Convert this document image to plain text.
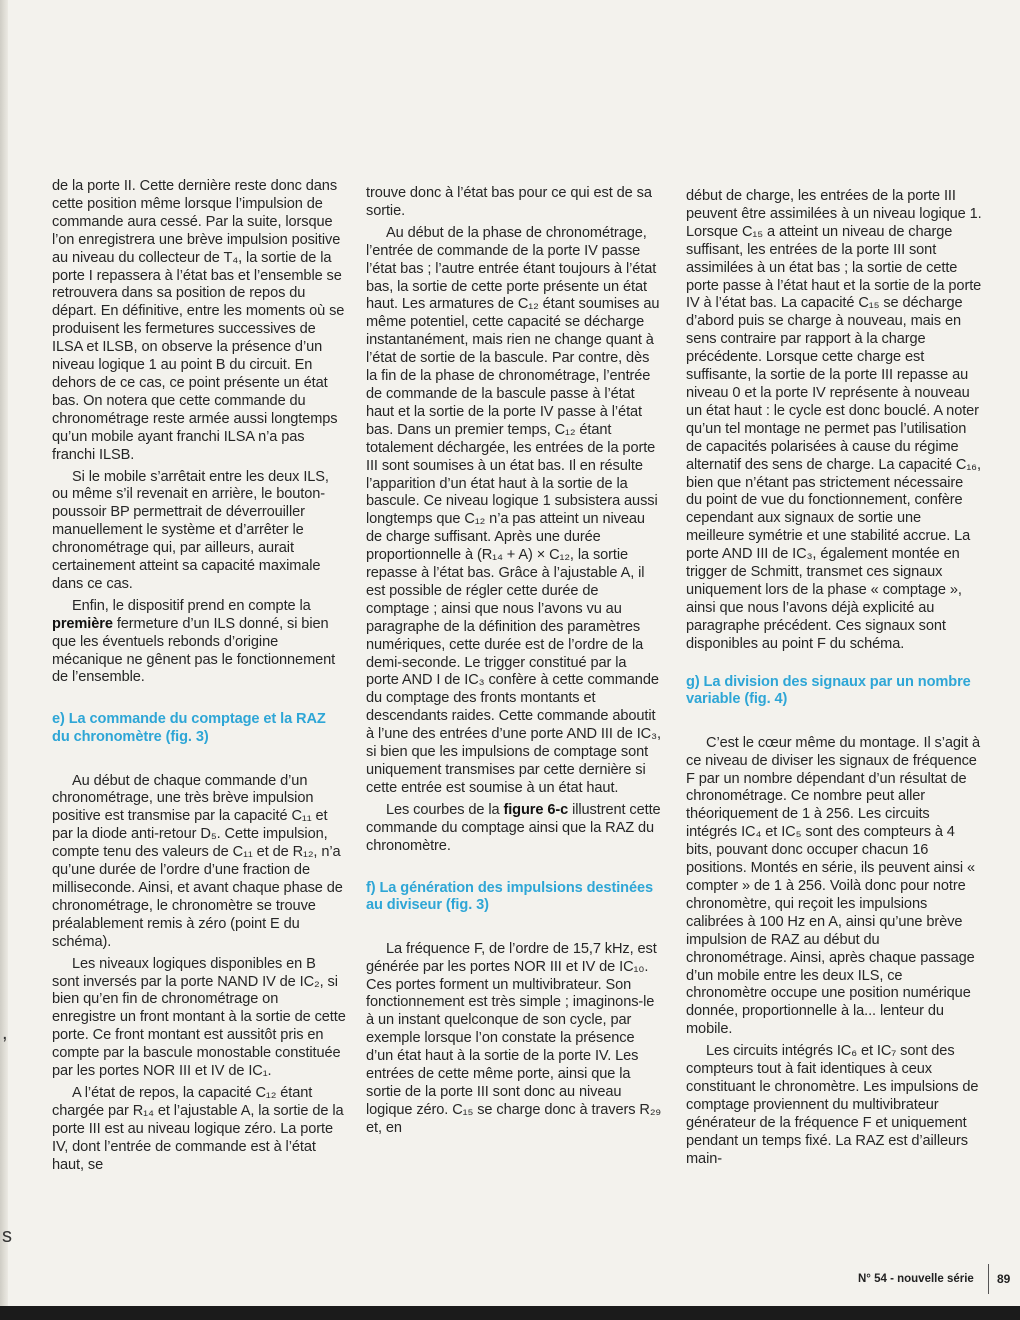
,
s

de la porte II. Cette dernière reste donc dans cette position même lorsque l’impulsion de commande aura cessé. Par la suite, lorsque l’on enregistrera une brève impulsion positive au niveau du collecteur de T₄, la sortie de la porte I repassera à l’état bas et l’ensemble se retrouvera dans sa position de repos du départ. En définitive, entre les moments où se produisent les fermetures successives de ILSA et ILSB, on observe la présence d’un niveau logique 1 au point B du circuit. En dehors de ce cas, ce point présente un état bas. On notera que cette commande du chronométrage reste armée aussi longtemps qu’un mobile ayant franchi ILSA n’a pas franchi ILSB.

Si le mobile s’arrêtait entre les deux ILS, ou même s’il revenait en arrière, le bouton-poussoir BP permettrait de déverrouiller manuellement le système et d’arrêter le chronométrage qui, par ailleurs, aurait certainement atteint sa capacité maximale dans ce cas.

Enfin, le dispositif prend en compte la première fermeture d’un ILS donné, si bien que les éventuels rebonds d’origine mécanique ne gênent pas le fonctionnement de l’ensemble.

e) La commande du comptage et la RAZ du chronomètre (fig. 3)

Au début de chaque commande d’un chronométrage, une très brève impulsion positive est transmise par la capacité C₁₁ et par la diode anti-retour D₅. Cette impulsion, compte tenu des valeurs de C₁₁ et de R₁₂, n’a qu’une durée de l’ordre d’une fraction de milliseconde. Ainsi, et avant chaque phase de chronométrage, le chronomètre se trouve préalablement remis à zéro (point E du schéma).

Les niveaux logiques disponibles en B sont inversés par la porte NAND IV de IC₂, si bien qu’en fin de chronométrage on enregistre un front montant à la sortie de cette porte. Ce front montant est aussitôt pris en compte par la bascule monostable constituée par les portes NOR III et IV de IC₁.

A l’état de repos, la capacité C₁₂ étant chargée par R₁₄ et l’ajustable A, la sortie de la porte III est au niveau logique zéro. La porte IV, dont l’entrée de commande est à l’état haut, se

trouve donc à l’état bas pour ce qui est de sa sortie.

Au début de la phase de chronométrage, l’entrée de commande de la porte IV passe l’état bas ; l’autre entrée étant toujours à l’état bas, la sortie de cette porte présente un état haut. Les armatures de C₁₂ étant soumises au même potentiel, cette capacité se décharge instantanément, mais rien ne change quant à l’état de sortie de la bascule. Par contre, dès la fin de la phase de chronométrage, l’entrée de commande de la bascule passe à l’état haut et la sortie de la porte IV passe à l’état bas. Dans un premier temps, C₁₂ étant totalement déchargée, les entrées de la porte III sont soumises à un état bas. Il en résulte l’apparition d’un état haut à la sortie de la bascule. Ce niveau logique 1 subsistera aussi longtemps que C₁₂ n’a pas atteint un niveau de charge suffisant. Après une durée proportionnelle à (R₁₄ + A) × C₁₂, la sortie repasse à l’état bas. Grâce à l’ajustable A, il est possible de régler cette durée de comptage ; ainsi que nous l’avons vu au paragraphe de la définition des paramètres numériques, cette durée est de l’ordre de la demi-seconde. Le trigger constitué par la porte AND I de IC₃ confère à cette commande du comptage des fronts montants et descendants raides. Cette commande aboutit à l’une des entrées d’une porte AND III de IC₃, si bien que les impulsions de comptage sont uniquement transmises par cette dernière si cette entrée est soumise à un état haut.

Les courbes de la figure 6-c illustrent cette commande du comptage ainsi que la RAZ du chronomètre.

f) La génération des impulsions destinées au diviseur (fig. 3)

La fréquence F, de l’ordre de 15,7 kHz, est générée par les portes NOR III et IV de IC₁₀. Ces portes forment un multivibrateur. Son fonctionnement est très simple ; imaginons-le à un instant quelconque de son cycle, par exemple lorsque l’on constate la présence d’un état haut à la sortie de la porte IV. Les entrées de cette même porte, ainsi que la sortie de la porte III sont donc au niveau logique zéro. C₁₅ se charge donc à travers R₂₉ et, en

début de charge, les entrées de la porte III peuvent être assimilées à un niveau logique 1. Lorsque C₁₅ a atteint un niveau de charge suffisant, les entrées de la porte III sont assimilées à un état bas ; la sortie de cette porte passe à l’état haut et la sortie de la porte IV à l’état bas. La capacité C₁₅ se décharge d’abord puis se charge à nouveau, mais en sens contraire par rapport à la charge précédente. Lorsque cette charge est suffisante, la sortie de la porte III repasse au niveau 0 et la porte IV représente à nouveau un état haut : le cycle est donc bouclé. A noter qu’un tel montage ne permet pas l’utilisation de capacités polarisées à cause du régime alternatif des sens de charge. La capacité C₁₆, bien que n’étant pas strictement nécessaire du point de vue du fonctionnement, confère cependant aux signaux de sortie une meilleure symétrie et une stabilité accrue. La porte AND III de IC₃, également montée en trigger de Schmitt, transmet ces signaux uniquement lors de la phase « comptage », ainsi que nous l’avons déjà explicité au paragraphe précédent. Ces signaux sont disponibles au point F du schéma.

g) La division des signaux par un nombre variable (fig. 4)

C’est le cœur même du montage. Il s’agit à ce niveau de diviser les signaux de fréquence F par un nombre dépendant d’un résultat de chronométrage. Ce nombre peut aller théoriquement de 1 à 256. Les circuits intégrés IC₄ et IC₅ sont des compteurs à 4 bits, pouvant donc occuper chacun 16 positions. Montés en série, ils peuvent ainsi « compter » de 1 à 256. Voilà donc pour notre chronomètre, qui reçoit les impulsions calibrées à 100 Hz en A, ainsi qu’une brève impulsion de RAZ au début du chronométrage. Ainsi, après chaque passage d’un mobile entre les deux ILS, ce chronomètre occupe une position numérique donnée, proportionnelle à la... lenteur du mobile.

Les circuits intégrés IC₆ et IC₇ sont des compteurs tout à fait identiques à ceux constituant le chronomètre. Les impulsions de comptage proviennent du multivibrateur générateur de la fréquence F et uniquement pendant un temps fixé. La RAZ est d’ailleurs main-

N° 54 - nouvelle série 89
